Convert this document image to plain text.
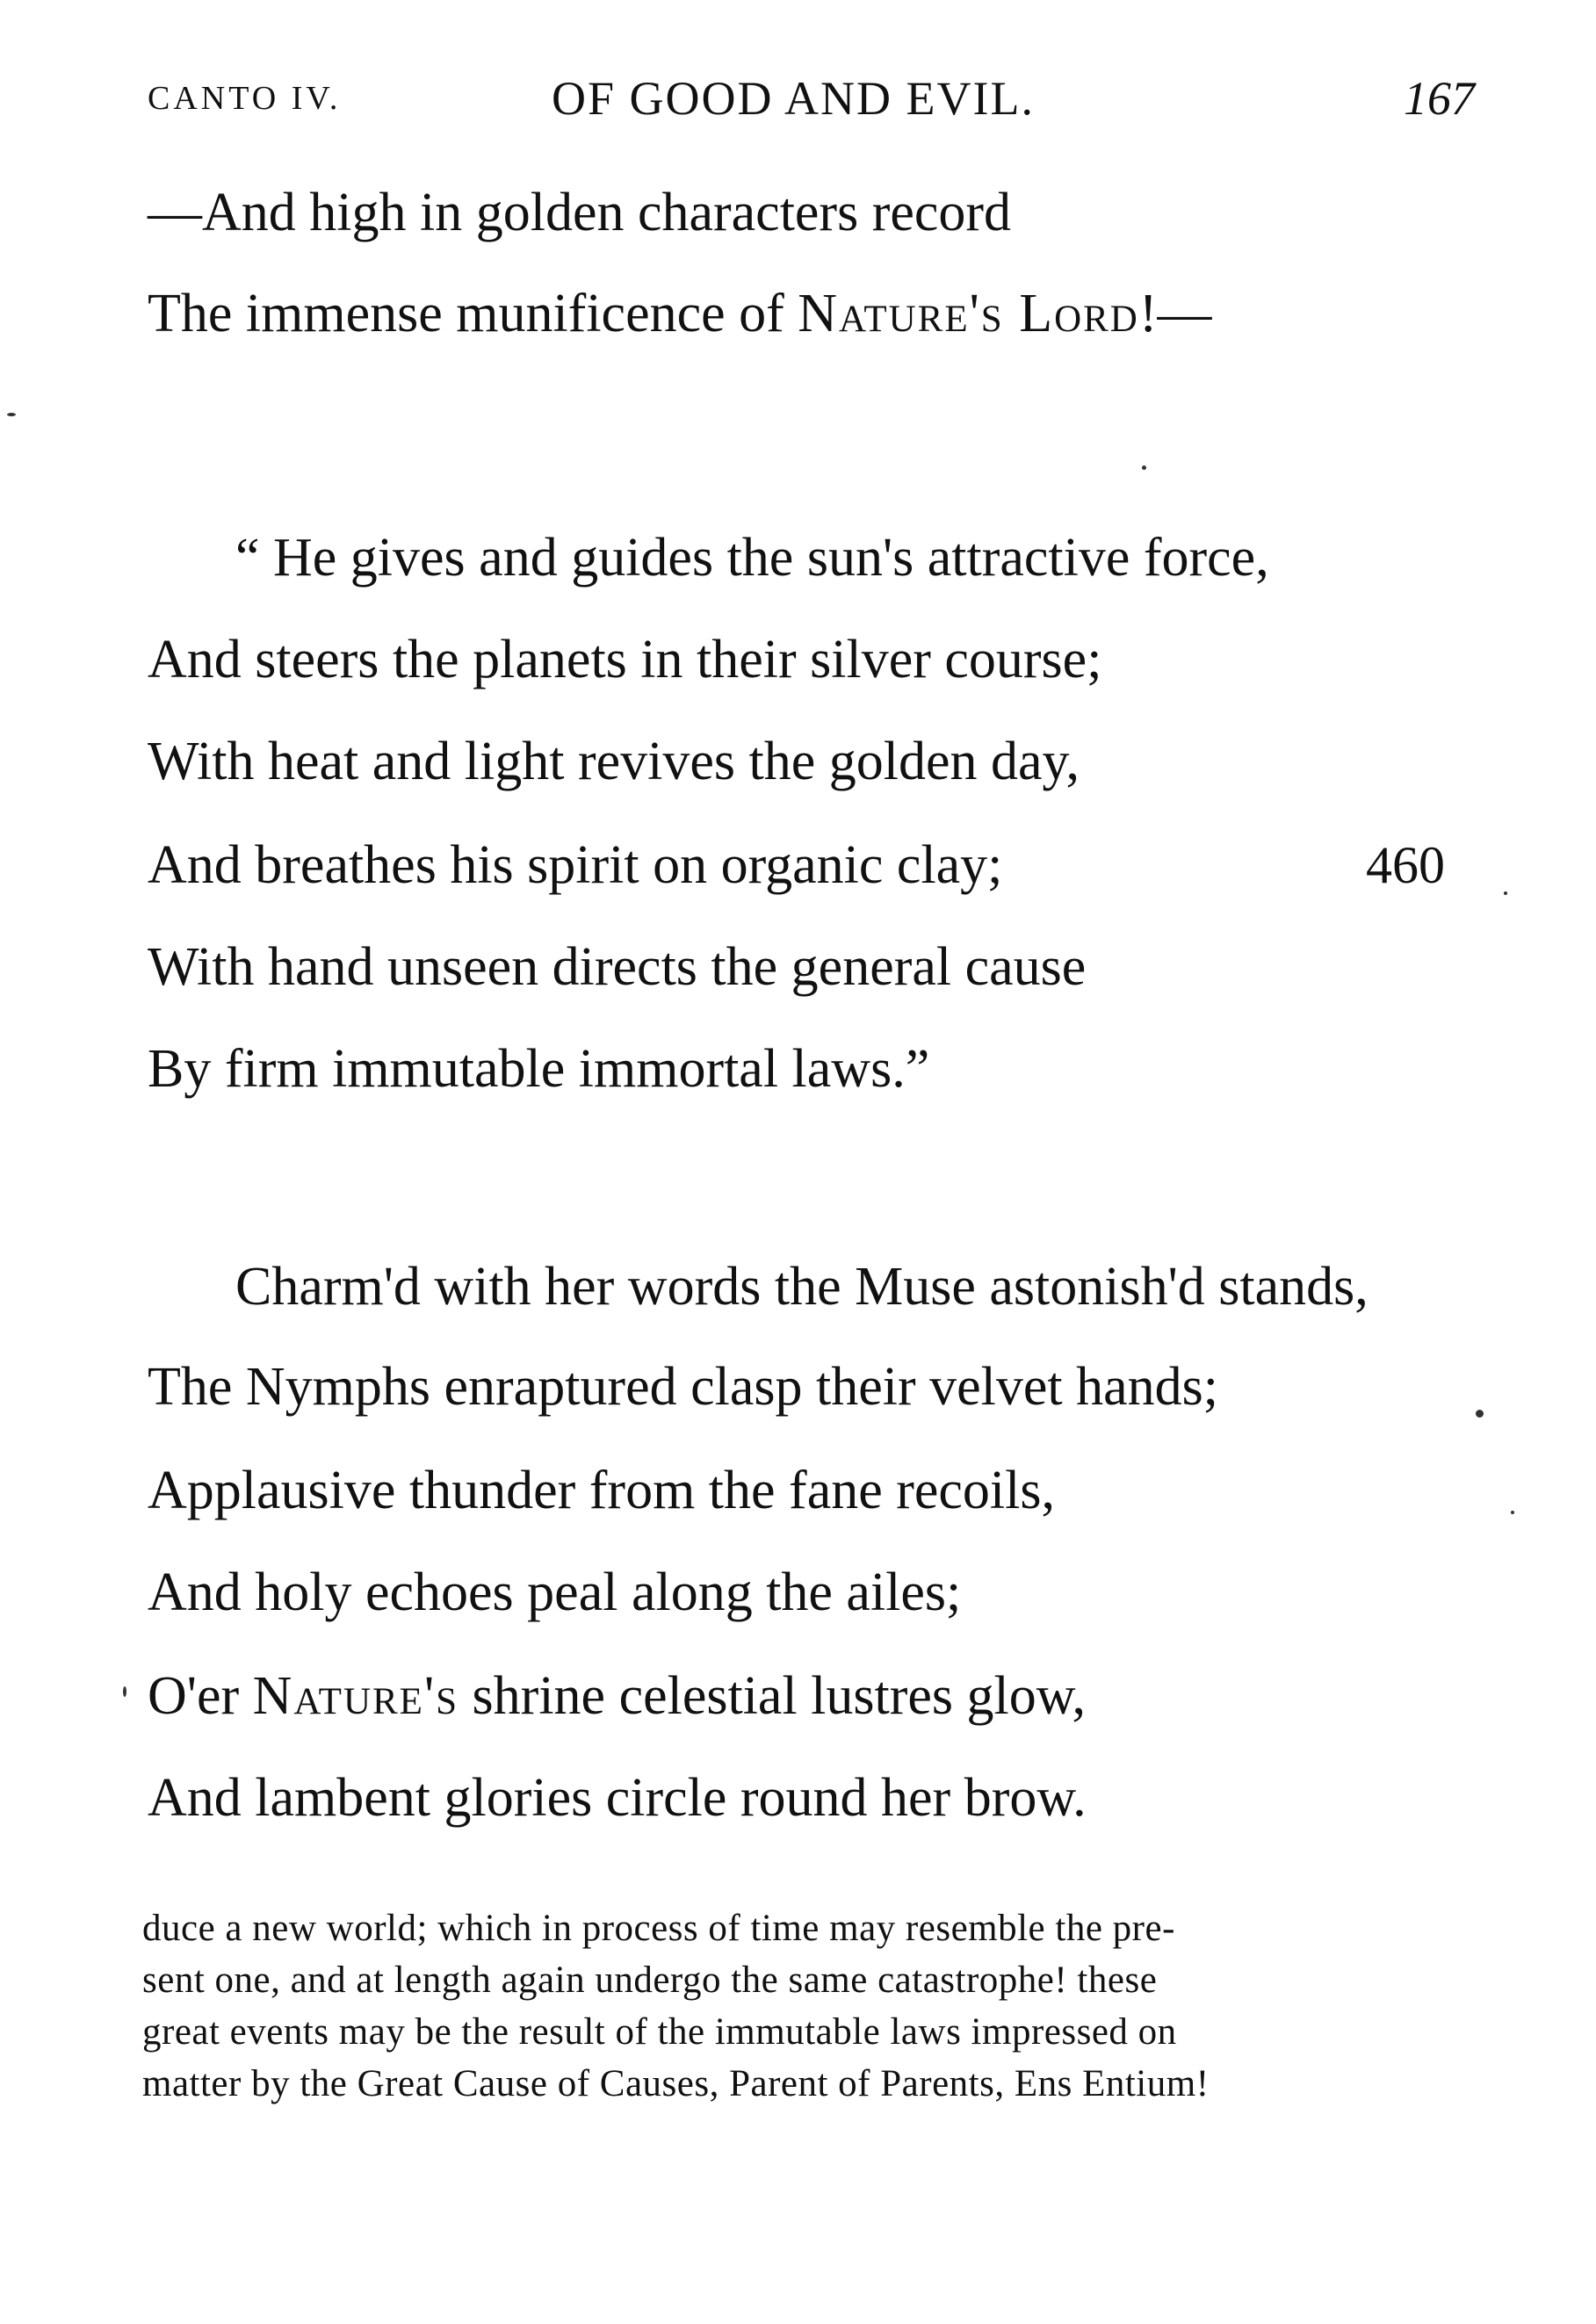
CANTO IV.	OF GOOD AND EVIL.	167
—And high in golden characters record
The immense munificence of Nature's Lord!—
“ He gives and guides the sun's attractive force,
And steers the planets in their silver course;
With heat and light revives the golden day,
And breathes his spirit on organic clay;	460
With hand unseen directs the general cause
By firm immutable immortal laws.”
Charm'd with her words the Muse astonish'd stands,
The Nymphs enraptured clasp their velvet hands;
Applausive thunder from the fane recoils,
And holy echoes peal along the ailes;
O'er Nature's shrine celestial lustres glow,
And lambent glories circle round her brow.
duce a new world; which in process of time may resemble the pre-
sent one, and at length again undergo the same catastrophe! these
great events may be the result of the immutable laws impressed on
matter by the Great Cause of Causes, Parent of Parents, Ens Entium!
